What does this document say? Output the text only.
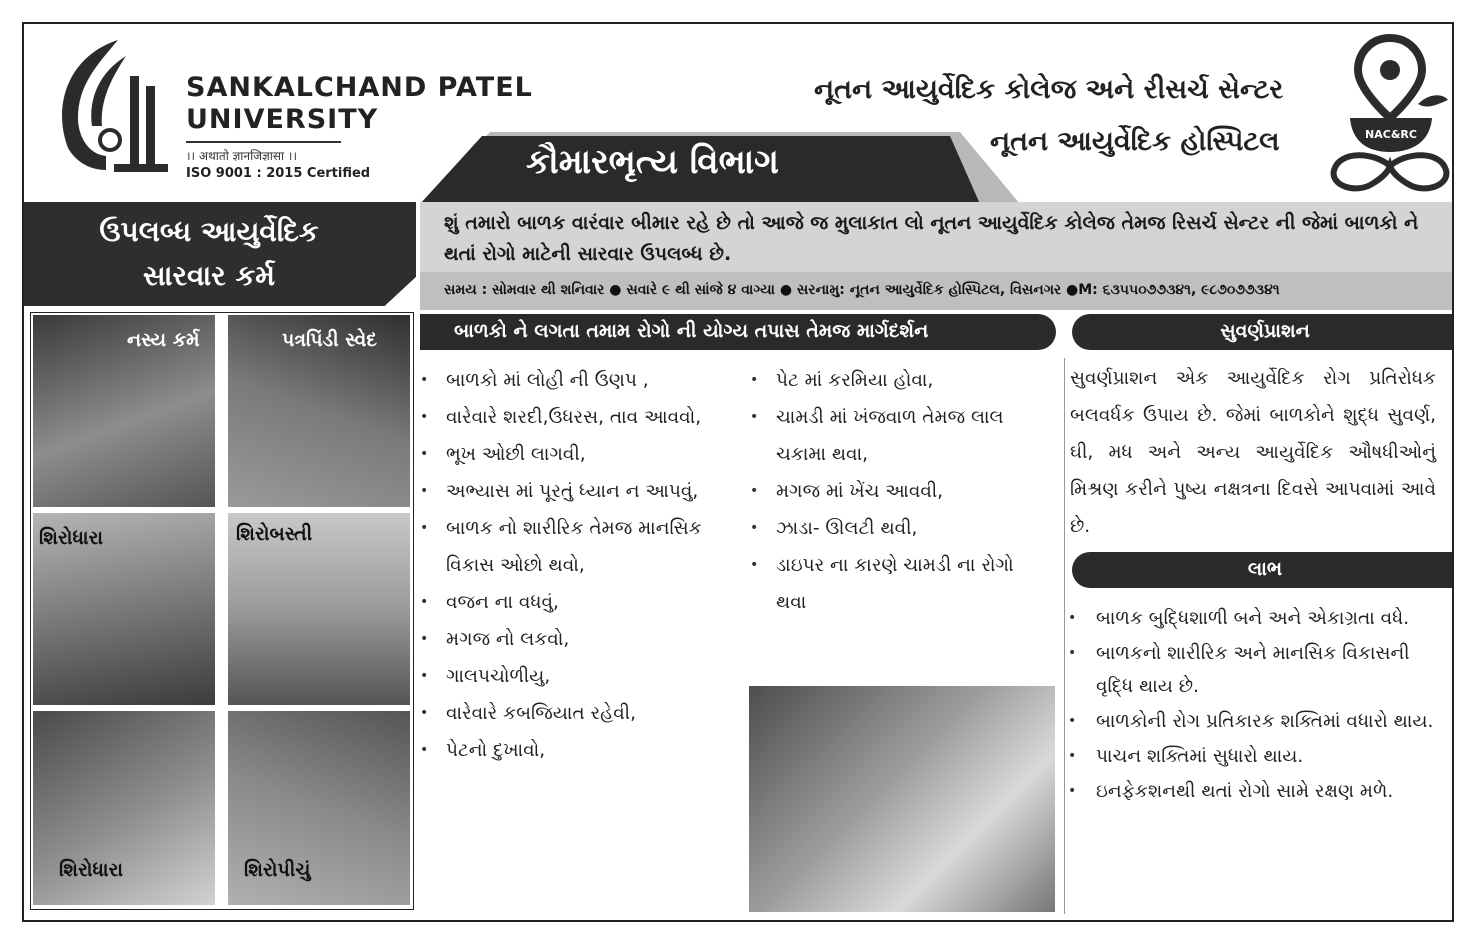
SANKALCHAND PATEL
UNIVERSITY
।। अथातो ज्ञानजिज्ञासा ।।
ISO 9001 : 2015 Certified
નૂતન આયુર્વેદિક કોલેજ અને રીસર્ચ સેન્ટર
નૂતન આયુર્વેદિક હોસ્પિટલ	NAC&RC
કૌમારભૃત્ય વિભાગ
ઉપલબ્ધ આયુર્વેદિક
સારવાર કર્મ
શું તમારો બાળક વારંવાર બીમાર રહે છે તો આજે જ મુલાકાત લો નૂતન આયુર્વેદિક કોલેજ તેમજ રિસર્ચ સેન્ટર ની જેમાં બાળકો ને થતાં રોગો માટેની સારવાર ઉપલબ્ધ છે.
સમય : સોમવાર થી શનિવાર ● સવારે ૯ થી સાંજે ૪ વાગ્યા ● સરનામુ: નૂતન આયુર્વેદિક હોસ્પિટલ, વિસનગર ●M: ૬૩૫૫૦૭૭૩૪૧, ૯૮૭૦૭૭૩૪૧
નસ્ય કર્મ	પત્રપિંડી સ્વેદ
શિરોધારા	શિરોબસ્તી
શિરોધારા	શિરોપીચું
બાળકો ને લગતા તમામ રોગો ની યોગ્ય તપાસ તેમજ માર્ગદર્શન
• બાળકો માં લોહી ની ઉણપ ,
• વારેવારે શરદી,ઉધરસ, તાવ આવવો,
• ભૂખ ઓછી લાગવી,
• અભ્યાસ માં પૂરતું ધ્યાન ન આપવું,
• બાળક નો શારીરિક તેમજ માનસિક વિકાસ ઓછો થવો,
• વજન ના વધવું,
• મગજ નો લકવો,
• ગાલપચોળીયુ,
• વારેવારે કબજિયાત રહેવી,
• પેટનો દુખાવો,
• પેટ માં કરમિયા હોવા,
• ચામડી માં ખંજવાળ તેમજ લાલ ચકામા થવા,
• મગજ માં ખેંચ આવવી,
• ઝાડા- ઊલટી થવી,
• ડાઇપર ના કારણે ચામડી ના રોગો થવા
સુવર્ણપ્રાશન
સુવર્ણપ્રાશન એક આયુર્વેદિક રોગ પ્રતિરોધક બલવર્ધક ઉપાય છે. જેમાં બાળકોને શુદ્ધ સુવર્ણ, ઘી, મધ અને અન્ય આયુર્વેદિક ઔષધીઓનું મિશ્રણ કરીને પુષ્ય નક્ષત્રના દિવસે આપવામાં આવે છે.
લાભ
• બાળક બુદ્ધિશાળી બને અને એકાગ્રતા વધે.
• બાળકનો શારીરિક અને માનસિક વિકાસની વૃદ્ધિ થાય છે.
• બાળકોની રોગ પ્રતિકારક શક્તિમાં વધારો થાય.
• પાચન શક્તિમાં સુધારો થાય.
• ઇનફેકશનથી થતાં રોગો સામે રક્ષણ મળે.
